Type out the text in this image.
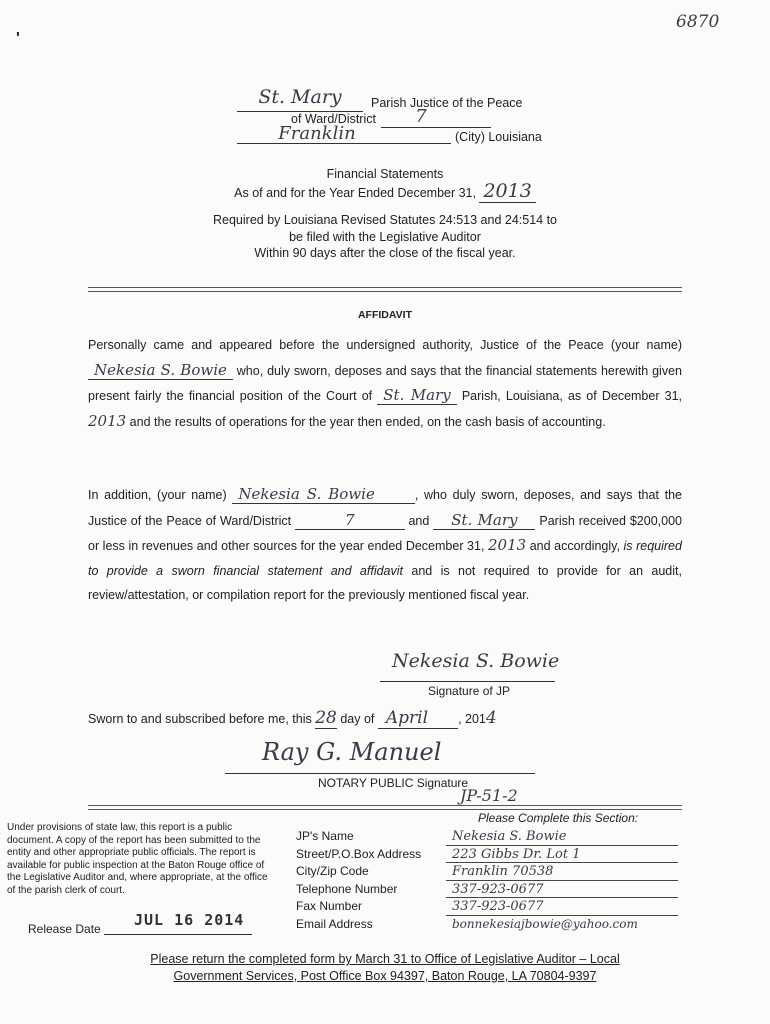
6870
'
St. Mary	Parish Justice of the Peace
of Ward/District	7
Franklin	(City) Louisiana
Financial Statements
As of and for the Year Ended December 31, 2013
Required by Louisiana Revised Statutes 24:513 and 24:514 to
be filed with the Legislative Auditor
Within 90 days after the close of the fiscal year.
AFFIDAVIT
Personally came and appeared before the undersigned authority, Justice of the Peace (your name) Nekesia S. Bowie who, duly sworn, deposes and says that the financial statements herewith given present fairly the financial position of the Court of St. Mary Parish, Louisiana, as of December 31, 2013 and the results of operations for the year then ended, on the cash basis of accounting.
In addition, (your name) Nekesia S. Bowie	, who duly sworn, deposes, and says that the Justice of the Peace of Ward/District	7	and St. Mary Parish received $200,000 or less in revenues and other sources for the year ended December 31, 2013 and accordingly, is required to provide a sworn financial statement and affidavit and is not required to provide for an audit, review/attestation, or compilation report for the previously mentioned fiscal year.
Nekesia S. Bowie
Signature of JP
Sworn to and subscribed before me, this 28 day of April , 2014
Ray G. Manuel
NOTARY PUBLIC Signature
JP-51-2
Under provisions of state law, this report is a public document. A copy of the report has been submitted to the entity and other appropriate public officials. The report is available for public inspection at the Baton Rouge office of the Legislative Auditor and, where appropriate, at the office of the parish clerk of court.
Release Date JUL 16 2014
Please Complete this Section:
JP's Name	Nekesia S. Bowie
Street/P.O.Box Address	223 Gibbs Dr. Lot 1
City/Zip Code	Franklin 70538
Telephone Number	337-923-0677
Fax Number	337-923-0677
Email Address	bonnekesiajbowie@yahoo.com
Please return the completed form by March 31 to Office of Legislative Auditor – Local
Government Services, Post Office Box 94397, Baton Rouge, LA 70804-9397
